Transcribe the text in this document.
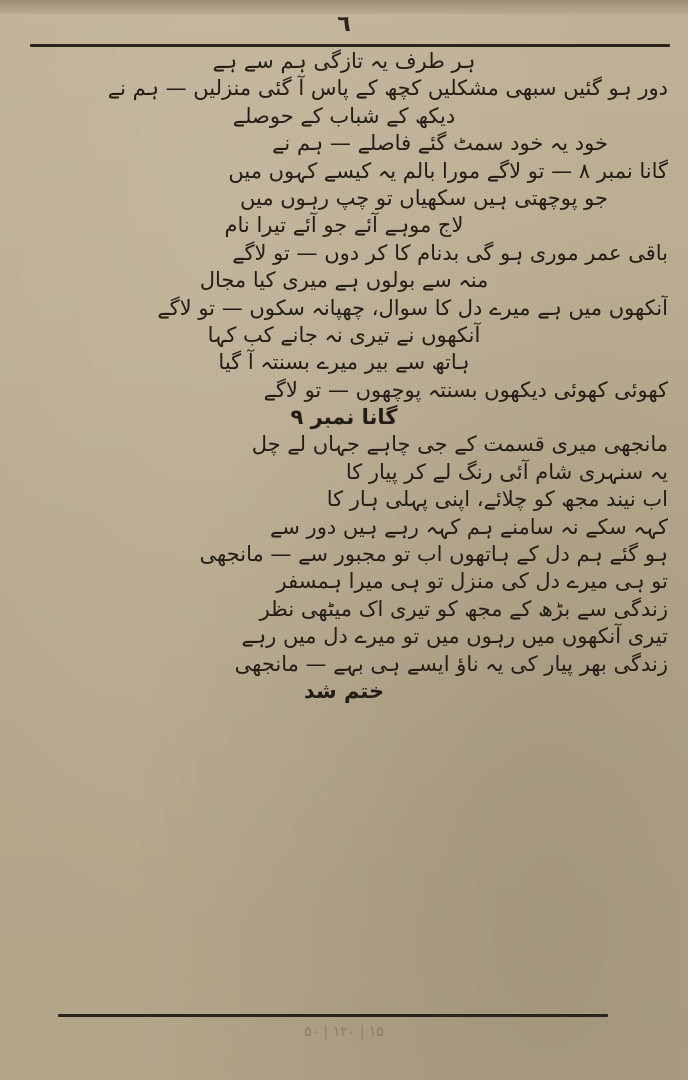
٦
ہر طرف یہ تازگی ہم سے ہے
دور ہو گئیں سبھی مشکلیں کچھ کے پاس آ گئی منزلیں — ہم نے
دیکھ کے شباب کے حوصلے
خود یہ خود سمٹ گئے فاصلے — ہم نے
گانا نمبر ۸ — تو لاگے مورا بالم یہ کیسے کہوں میں
جو پوچھتی ہیں سکھیاں تو چپ رہوں میں
لاج موہے آئے جو آئے تیرا نام
باقی عمر موری ہو گی بدنام کا کر دوں — تو لاگے
منہ سے بولوں ہے میری کیا مجال
آنکھوں میں ہے میرے دل کا سوال، چھپانہ سکوں — تو لاگے
آنکھوں نے تیری نہ جانے کب کہا
ہاتھ سے بیر میرے بسنتہ آ گیا
کھوئی کھوئی دیکھوں بسنتہ پوچھوں — تو لاگے
گانا نمبر ۹
مانجھی میری قسمت کے جی چاہے جہاں لے چل
یہ سنہری شام آئی رنگ لے کر پیار کا
اب نیند مجھ کو چلائے، اپنی پہلی ہار کا
کہہ سکے نہ سامنے ہم کہہ رہے ہیں دور سے
ہو گئے ہم دل کے ہاتھوں اب تو مجبور سے — مانجھی
تو ہی میرے دل کی منزل تو ہی میرا ہمسفر
زندگی سے بڑھ کے مجھ کو تیری اک میٹھی نظر
تیری آنکھوں میں رہوں میں تو میرے دل میں رہے
زندگی بھر پیار کی یہ ناؤ ایسے ہی بہے — مانجھی
ختم شد
۵۰ | ۱۲۰ | ۱۵
